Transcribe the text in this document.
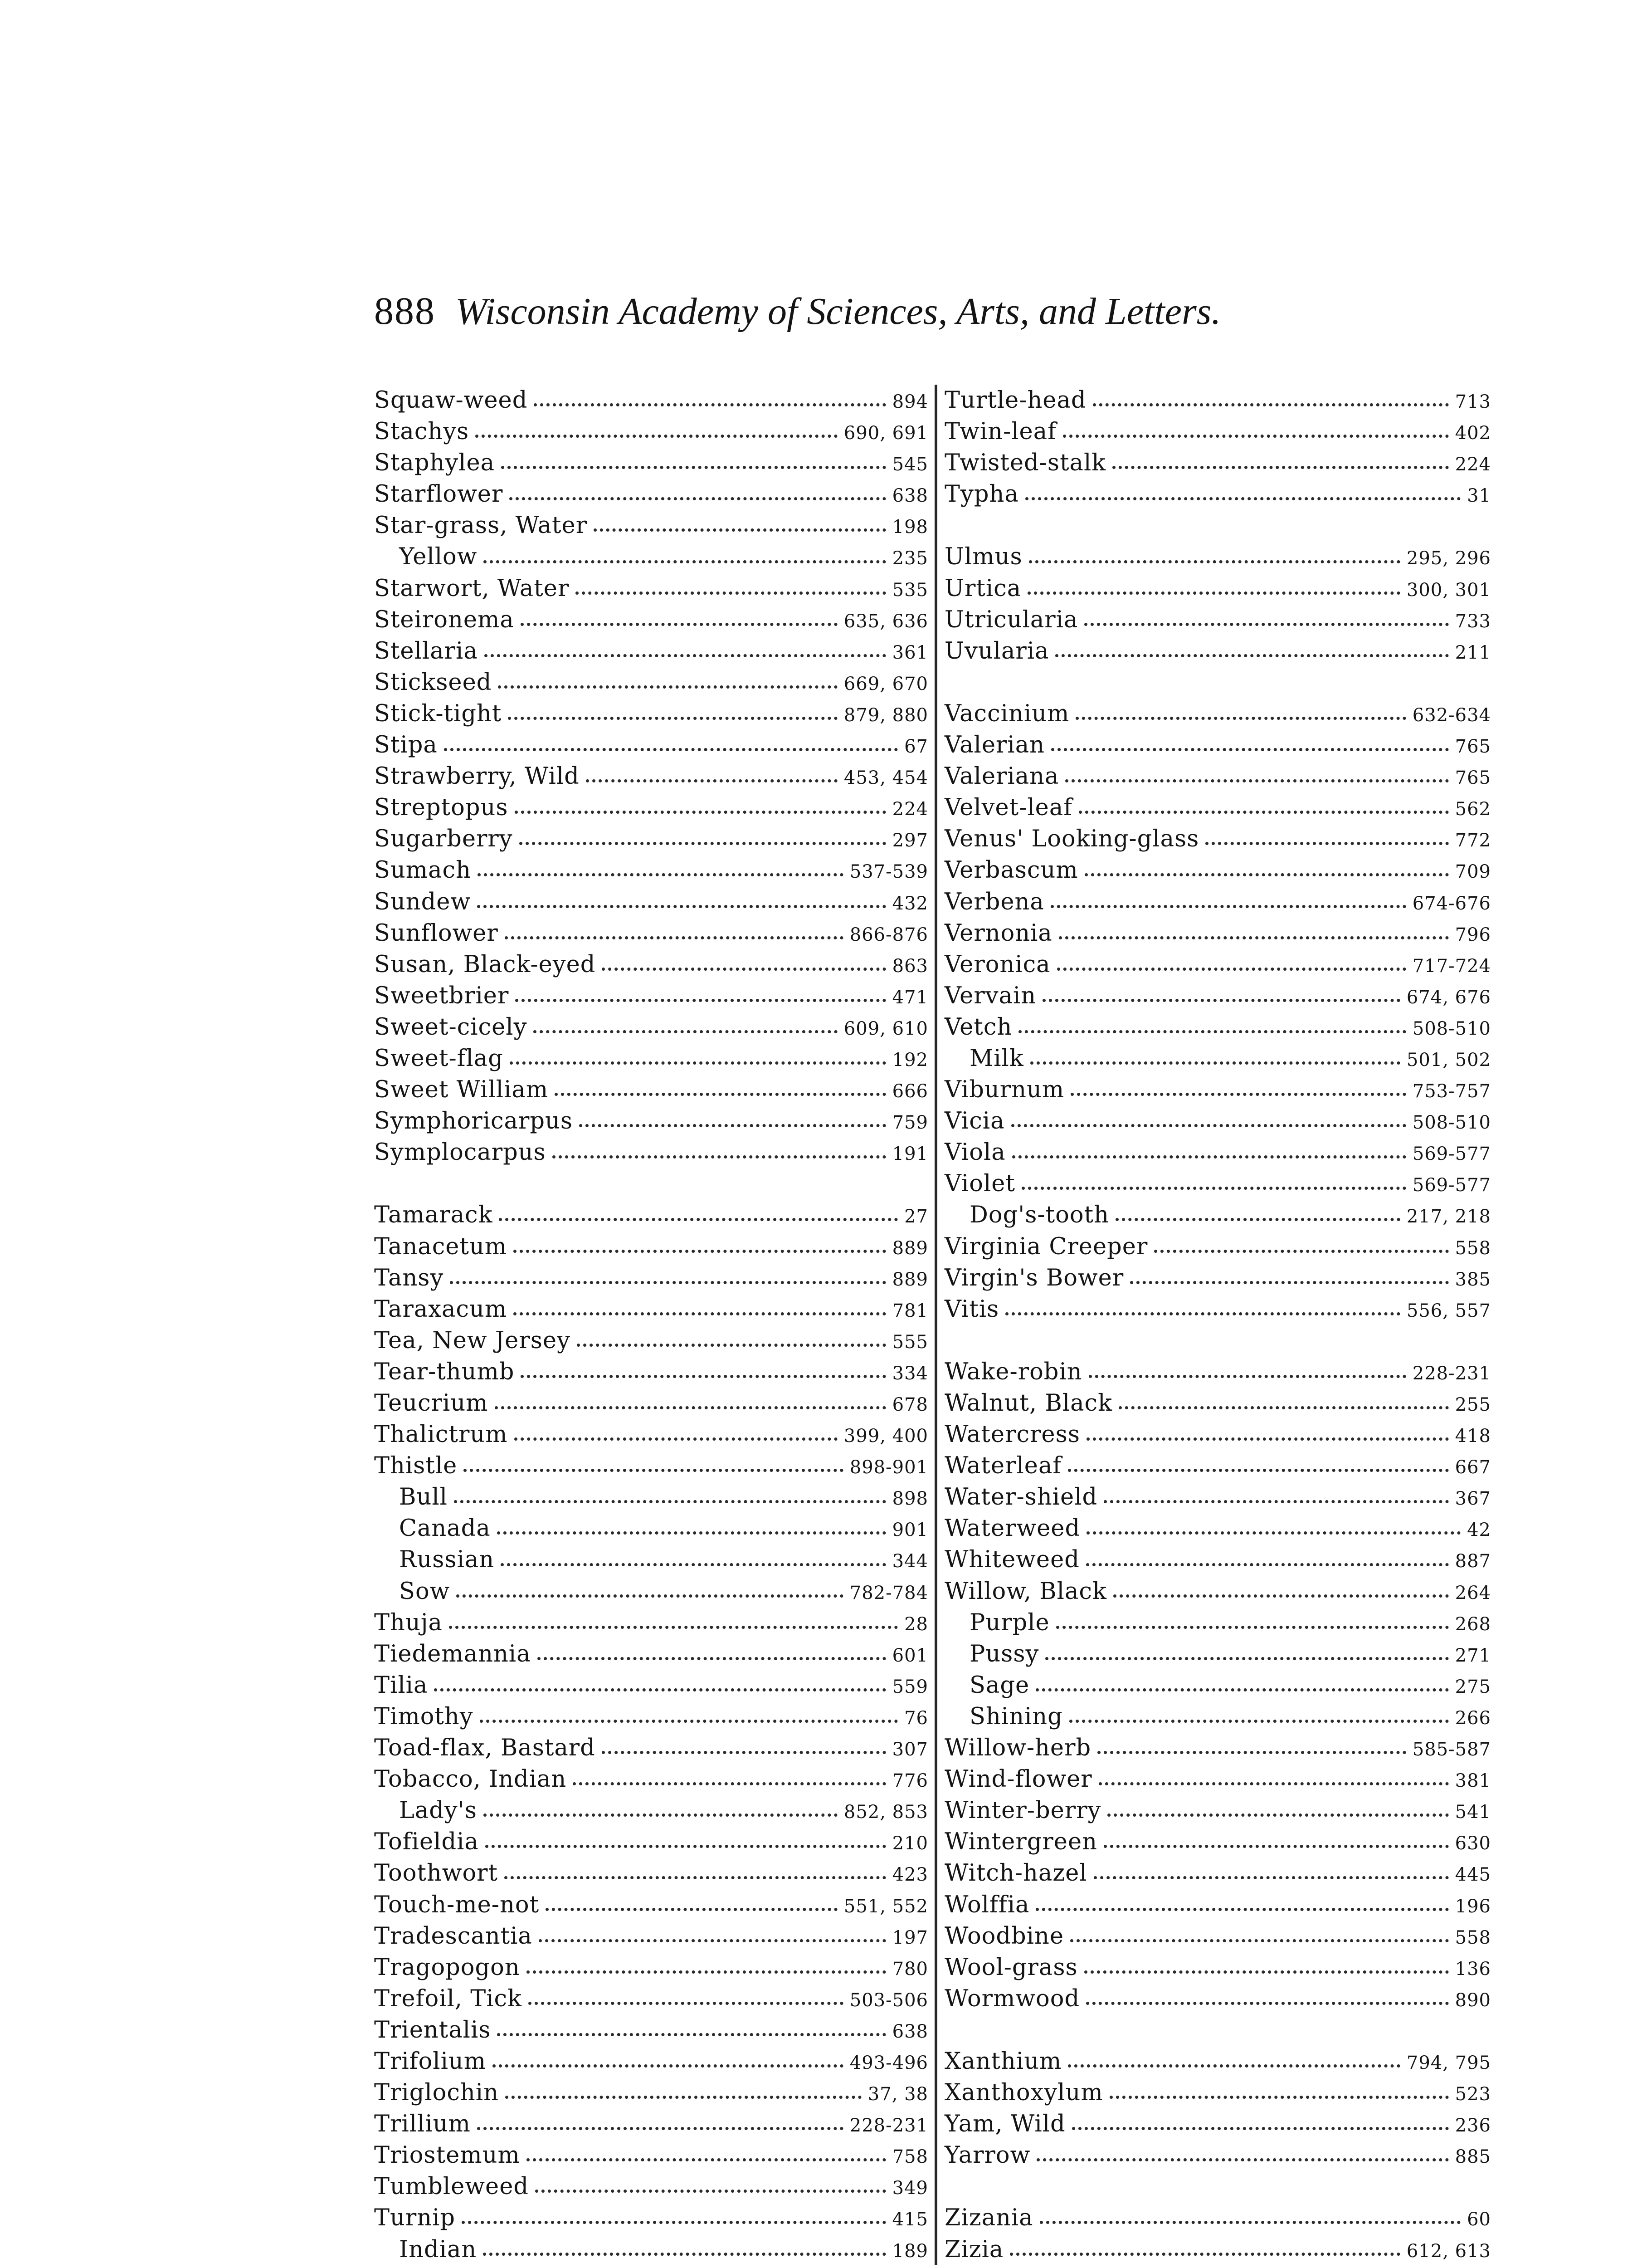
888 Wisconsin Academy of Sciences, Arts, and Letters.
Squaw-weed	894
Stachys	690, 691
Staphylea	545
Starflower	638
Star-grass, Water	198
Yellow	235
Starwort, Water	535
Steironema	635, 636
Stellaria	361
Stickseed	669, 670
Stick-tight	879, 880
Stipa	67
Strawberry, Wild	453, 454
Streptopus	224
Sugarberry	297
Sumach	537-539
Sundew	432
Sunflower	866-876
Susan, Black-eyed	863
Sweetbrier	471
Sweet-cicely	609, 610
Sweet-flag	192
Sweet William	666
Symphoricarpus	759
Symplocarpus	191
Tamarack	27
Tanacetum	889
Tansy	889
Taraxacum	781
Tea, New Jersey	555
Tear-thumb	334
Teucrium	678
Thalictrum	399, 400
Thistle	898-901
Bull	898
Canada	901
Russian	344
Sow	782-784
Thuja	28
Tiedemannia	601
Tilia	559
Timothy	76
Toad-flax, Bastard	307
Tobacco, Indian	776
Lady's	852, 853
Tofieldia	210
Toothwort	423
Touch-me-not	551, 552
Tradescantia	197
Tragopogon	780
Trefoil, Tick	503-506
Trientalis	638
Trifolium	493-496
Triglochin	37, 38
Trillium	228-231
Triostemum	758
Tumbleweed	349
Turnip	415
Indian	189
Turtle-head	713
Twin-leaf	402
Twisted-stalk	224
Typha	31
Ulmus	295, 296
Urtica	300, 301
Utricularia	733
Uvularia	211
Vaccinium	632-634
Valerian	765
Valeriana	765
Velvet-leaf	562
Venus' Looking-glass	772
Verbascum	709
Verbena	674-676
Vernonia	796
Veronica	717-724
Vervain	674, 676
Vetch	508-510
Milk	501, 502
Viburnum	753-757
Vicia	508-510
Viola	569-577
Violet	569-577
Dog's-tooth	217, 218
Virginia Creeper	558
Virgin's Bower	385
Vitis	556, 557
Wake-robin	228-231
Walnut, Black	255
Watercress	418
Waterleaf	667
Water-shield	367
Waterweed	42
Whiteweed	887
Willow, Black	264
Purple	268
Pussy	271
Sage	275
Shining	266
Willow-herb	585-587
Wind-flower	381
Winter-berry	541
Wintergreen	630
Witch-hazel	445
Wolffia	196
Woodbine	558
Wool-grass	136
Wormwood	890
Xanthium	794, 795
Xanthoxylum	523
Yam, Wild	236
Yarrow	885
Zizania	60
Zizia	612, 613
